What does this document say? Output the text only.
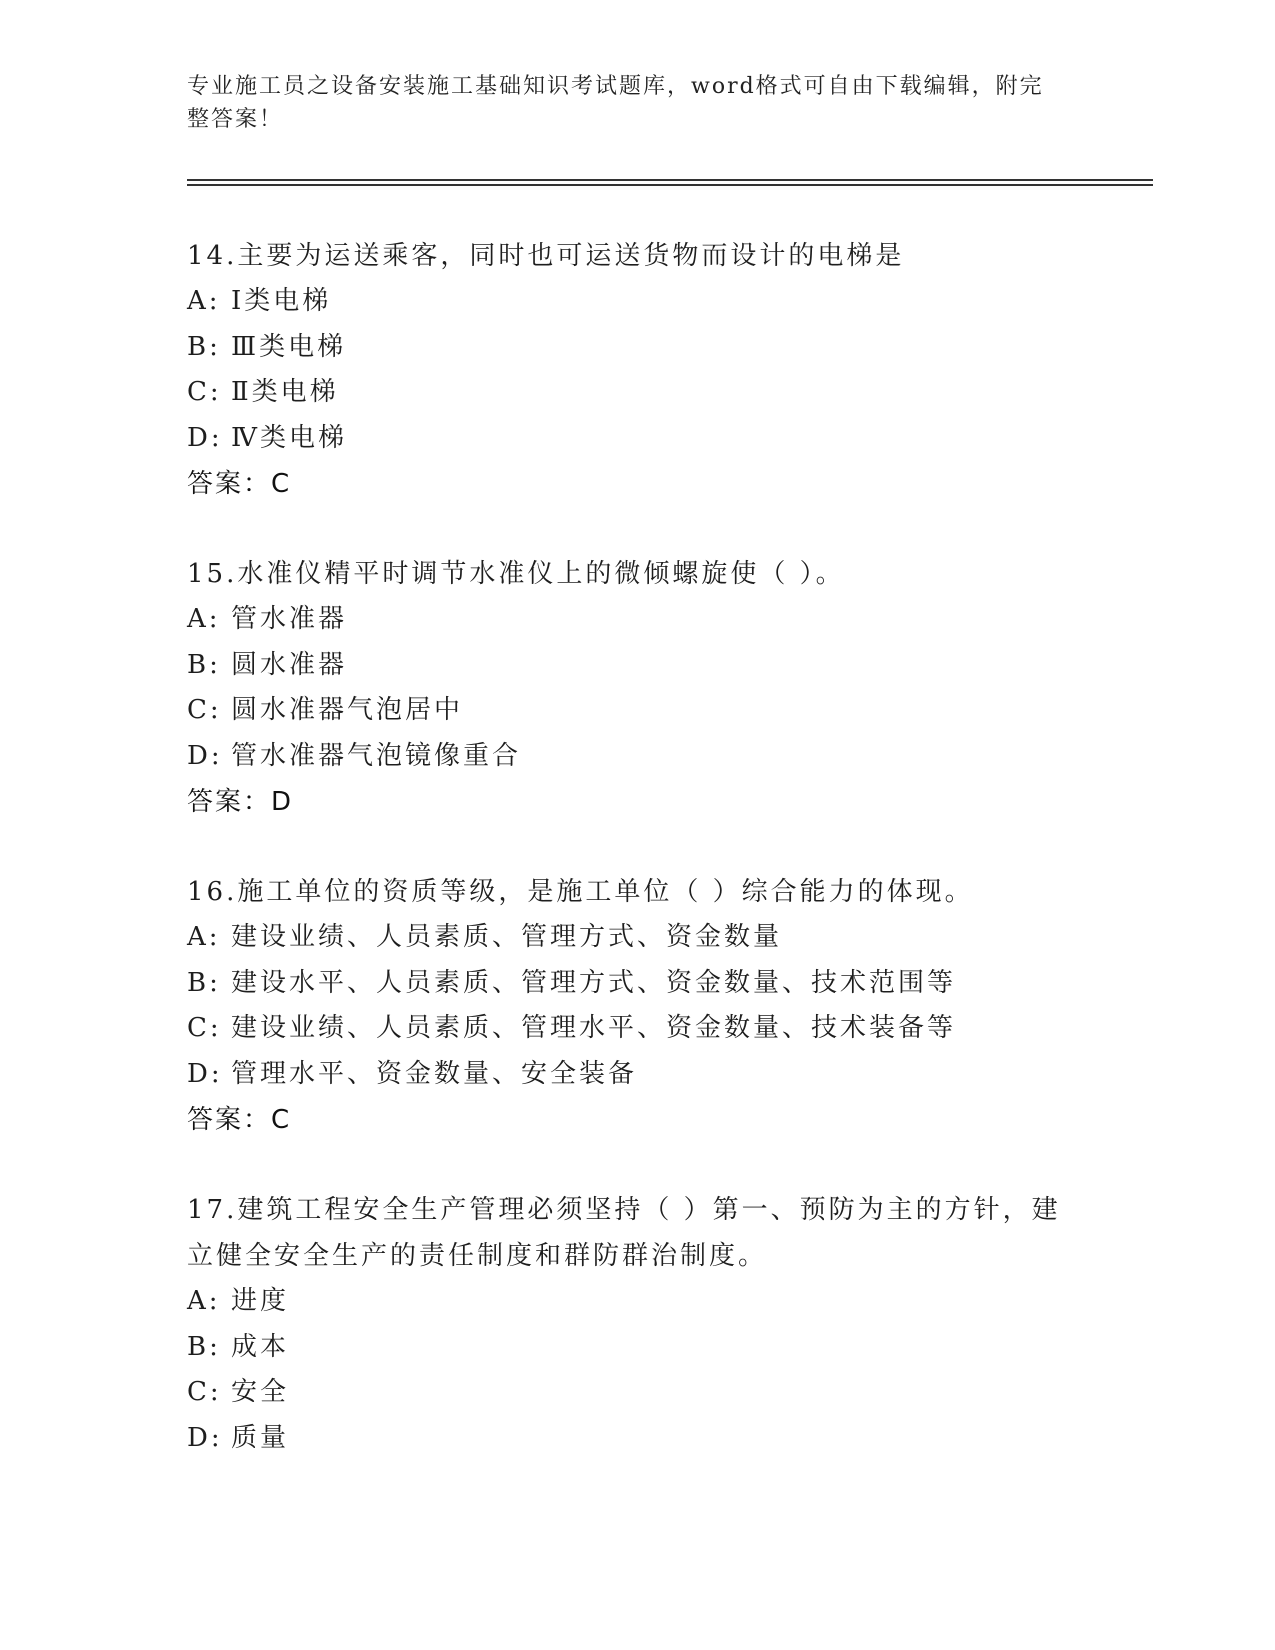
专业施工员之设备安装施工基础知识考试题库，word格式可自由下载编辑，附完整答案！

14.主要为运送乘客，同时也可运送货物而设计的电梯是

A: Ⅰ类电梯

B: Ⅲ类电梯

C: Ⅱ类电梯

D: Ⅳ类电梯

答案：C

15.水准仪精平时调节水准仪上的微倾螺旋使（ ）。

A: 管水准器

B: 圆水准器

C: 圆水准器气泡居中

D: 管水准器气泡镜像重合

答案：D

16.施工单位的资质等级，是施工单位（ ）综合能力的体现。

A: 建设业绩、人员素质、管理方式、资金数量

B: 建设水平、人员素质、管理方式、资金数量、技术范围等

C: 建设业绩、人员素质、管理水平、资金数量、技术装备等

D: 管理水平、资金数量、安全装备

答案：C

17.建筑工程安全生产管理必须坚持（ ）第一、预防为主的方针，建立健全安全生产的责任制度和群防群治制度。

A: 进度

B: 成本

C: 安全

D: 质量
